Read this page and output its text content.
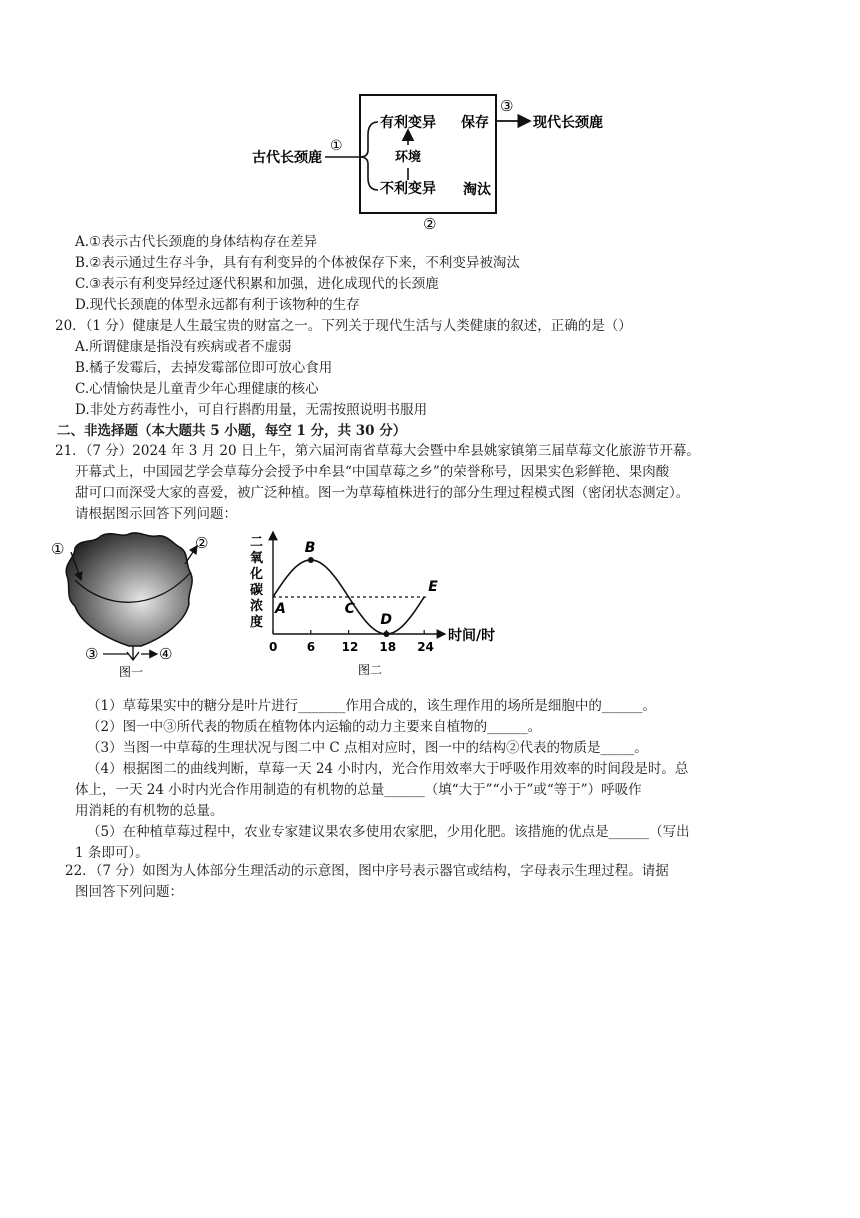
古代长颈鹿
①
有利变异
环境
不利变异
保存
淘汰
②
③
现代长颈鹿
A.①表示古代长颈鹿的身体结构存在差异
B.②表示通过生存斗争，具有有利变异的个体被保存下来，不利变异被淘汰
C.③表示有利变异经过逐代积累和加强，进化成现代的长颈鹿
D.现代长颈鹿的体型永远都有利于该物种的生存
20．（1 分）健康是人生最宝贵的财富之一。下列关于现代生活与人类健康的叙述，正确的是（）
A.所谓健康是指没有疾病或者不虚弱
B.橘子发霉后，去掉发霉部位即可放心食用
C.心情愉快是儿童青少年心理健康的核心
D.非处方药毒性小，可自行斟酌用量，无需按照说明书服用
二、非选择题（本大题共 5 小题，每空 1 分，共 30 分）
21．（7 分）2024 年 3 月 20 日上午，第六届河南省草莓大会暨中牟县姚家镇第三届草莓文化旅游节开幕。
开幕式上，中国园艺学会草莓分会授予中牟县“中国草莓之乡”的荣誉称号，因果实色彩鲜艳、果肉酸
甜可口而深受大家的喜爱，被广泛种植。图一为草莓植株进行的部分生理过程模式图（密闭状态测定）。
请根据图示回答下列问题：
①	②
③	④
图一
二
氧
化
碳
浓
度
时间/时
A
B
C
D
E
0 6 12 18 24
图二
（1）草莓果实中的糖分是叶片进行_______作用合成的，该生理作用的场所是细胞中的______。
（2）图一中③所代表的物质在植物体内运输的动力主要来自植物的______。
（3）当图一中草莓的生理状况与图二中 C 点相对应时，图一中的结构②代表的物质是_____。
（4）根据图二的曲线判断，草莓一天 24 小时内，光合作用效率大于呼吸作用效率的时间段是时。总
体上，一天 24 小时内光合作用制造的有机物的总量______（填“大于”“小于”或“等于”）呼吸作
用消耗的有机物的总量。
（5）在种植草莓过程中，农业专家建议果农多使用农家肥，少用化肥。该措施的优点是______（写出
1 条即可）。
22．（7 分）如图为人体部分生理活动的示意图，图中序号表示器官或结构，字母表示生理过程。请据
图回答下列问题：
